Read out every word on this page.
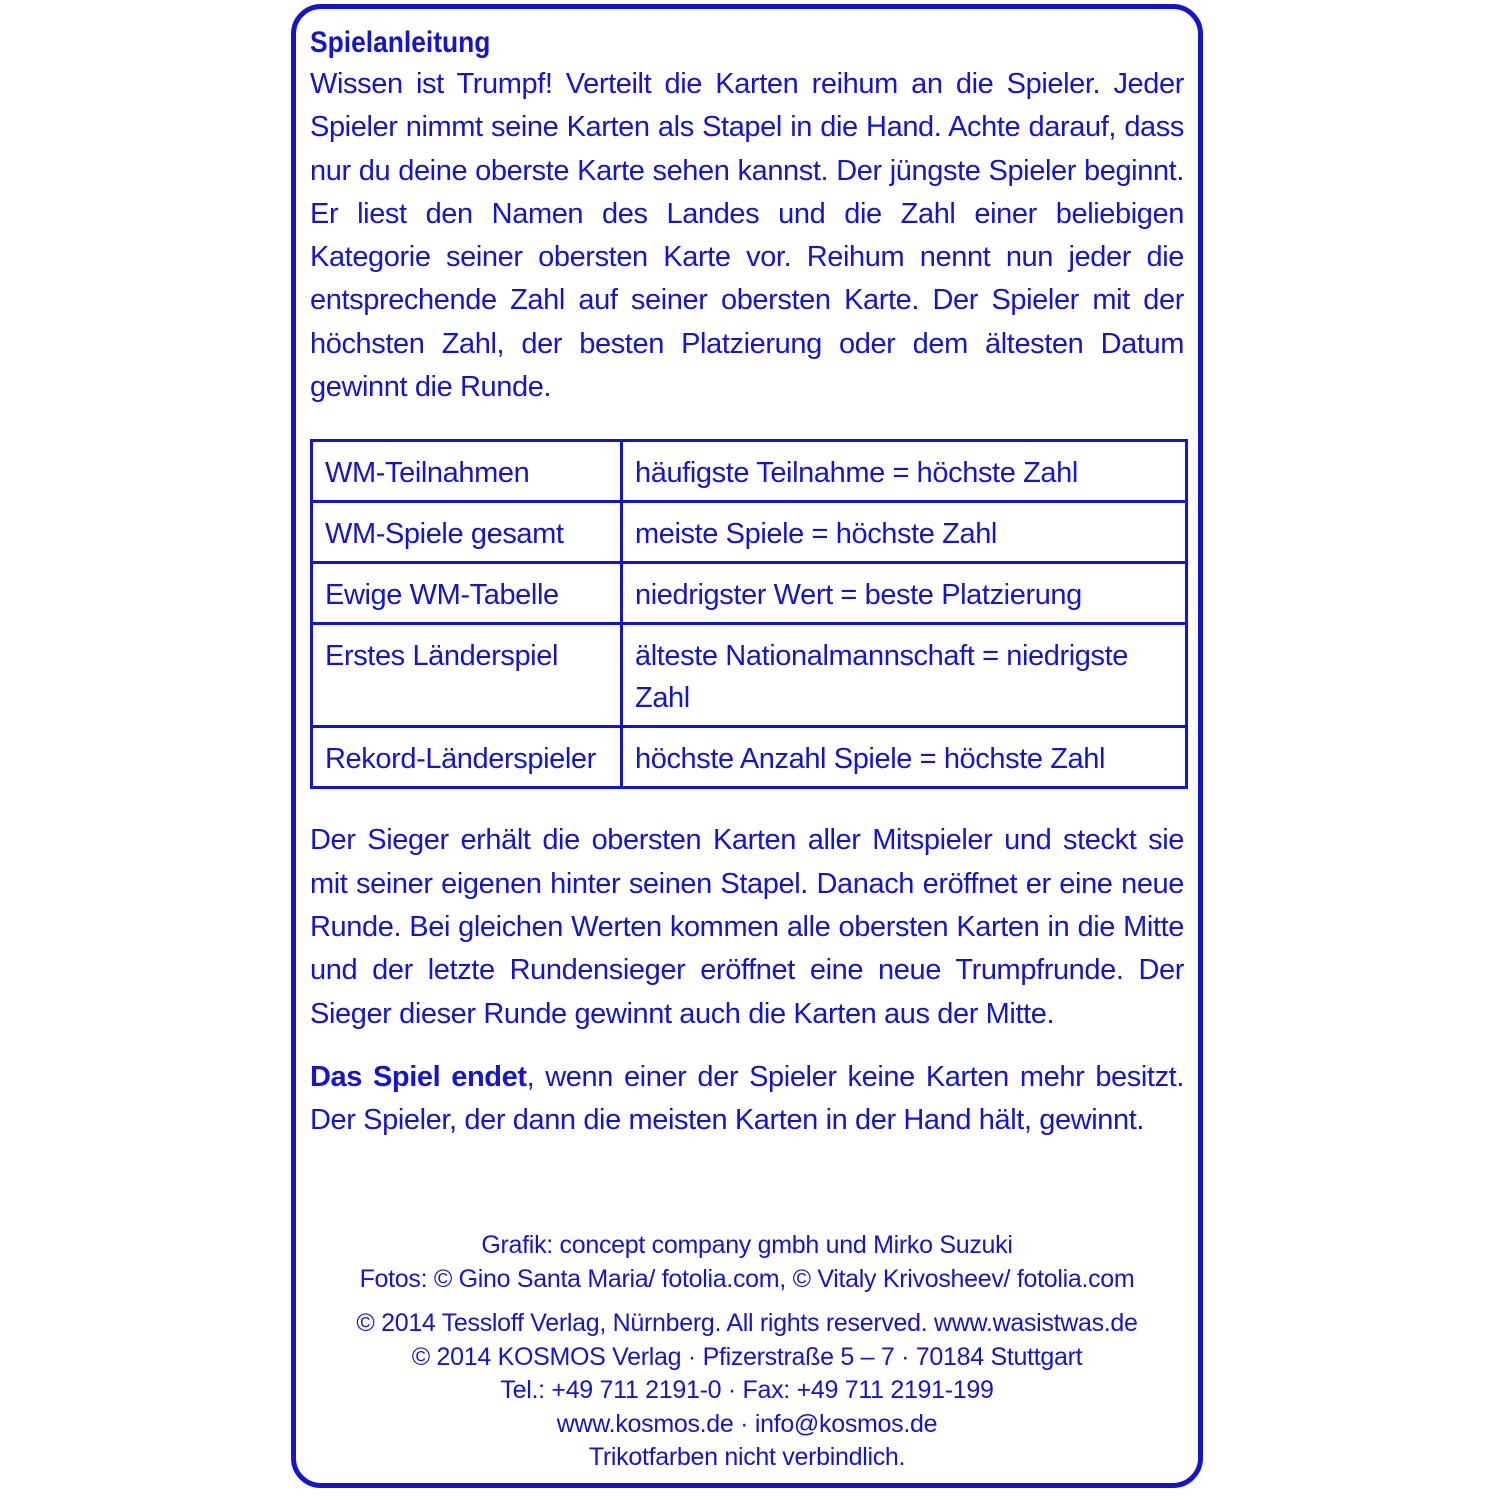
Spielanleitung

Wissen ist Trumpf! Verteilt die Karten reihum an die Spieler. Jeder Spieler nimmt seine Karten als Stapel in die Hand. Achte darauf, dass nur du deine oberste Karte sehen kannst. Der jüngste Spieler beginnt. Er liest den Namen des Landes und die Zahl einer beliebigen Kategorie seiner obersten Karte vor. Reihum nennt nun jeder die entsprechende Zahl auf seiner obersten Karte. Der Spieler mit der höchsten Zahl, der besten Platzierung oder dem ältesten Datum gewinnt die Runde.

WM-Teilnahmen	häufigste Teilnahme = höchste Zahl
WM-Spiele gesamt	meiste Spiele = höchste Zahl
Ewige WM-Tabelle	niedrigster Wert = beste Platzierung
Erstes Länderspiel	älteste Nationalmannschaft = niedrigste Zahl
Rekord-Länderspieler	höchste Anzahl Spiele = höchste Zahl

Der Sieger erhält die obersten Karten aller Mitspieler und steckt sie mit seiner eigenen hinter seinen Stapel. Danach eröffnet er eine neue Runde. Bei gleichen Werten kommen alle obersten Karten in die Mitte und der letzte Rundensieger eröffnet eine neue Trumpfrunde. Der Sieger dieser Runde gewinnt auch die Karten aus der Mitte.

Das Spiel endet, wenn einer der Spieler keine Karten mehr besitzt. Der Spieler, der dann die meisten Karten in der Hand hält, gewinnt.

Grafik: concept company gmbh und Mirko Suzuki
Fotos: © Gino Santa Maria/ fotolia.com, © Vitaly Krivosheev/ fotolia.com
© 2014 Tessloff Verlag, Nürnberg. All rights reserved. www.wasistwas.de
© 2014 KOSMOS Verlag · Pfizerstraße 5 – 7 · 70184 Stuttgart
Tel.: +49 711 2191-0 · Fax: +49 711 2191-199
www.kosmos.de · info@kosmos.de
Trikotfarben nicht verbindlich.
